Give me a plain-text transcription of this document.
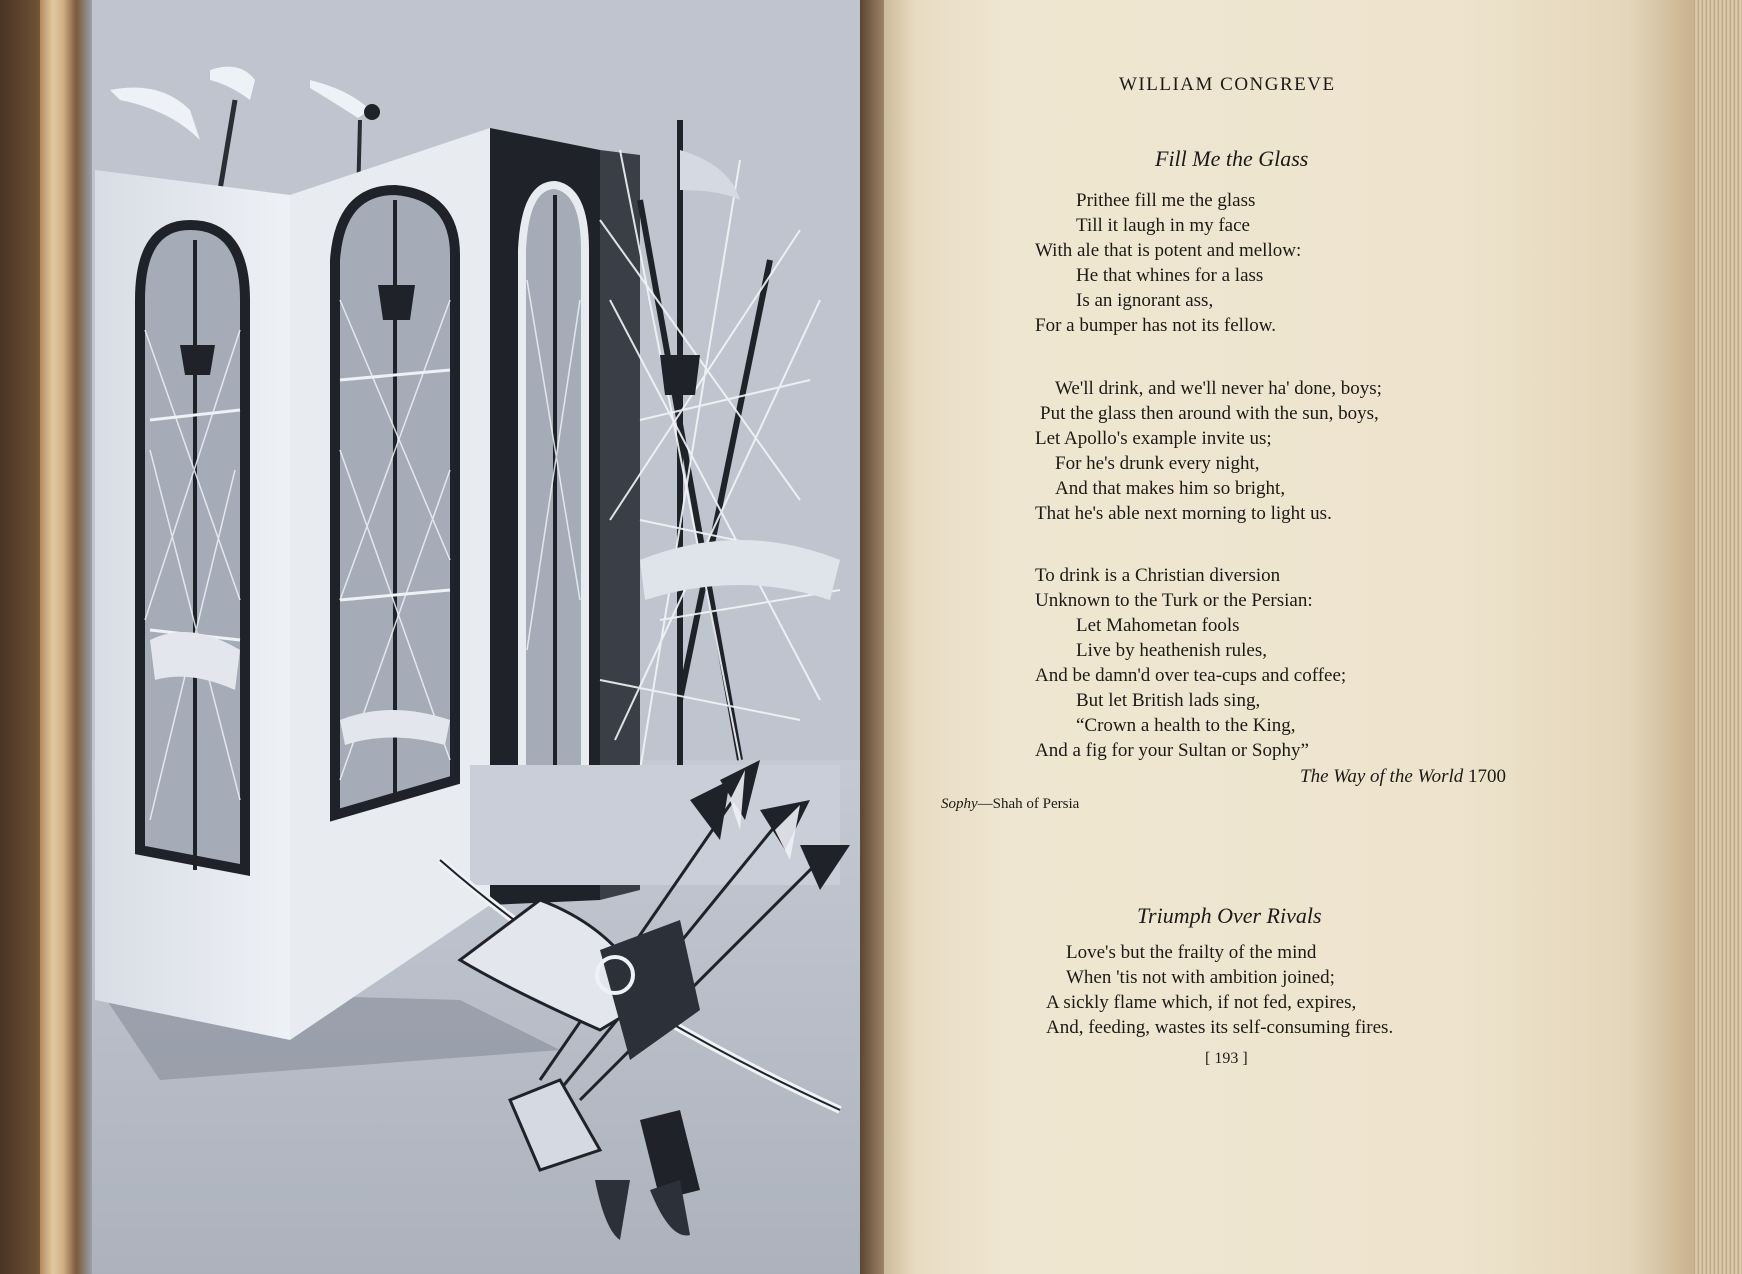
WILLIAM CONGREVE
Fill Me the Glass
Prithee fill me the glass
Till it laugh in my face
With ale that is potent and mellow:
He that whines for a lass
Is an ignorant ass,
For a bumper has not its fellow.
We'll drink, and we'll never ha' done, boys;
Put the glass then around with the sun, boys,
Let Apollo's example invite us;
For he's drunk every night,
And that makes him so bright,
That he's able next morning to light us.
To drink is a Christian diversion
Unknown to the Turk or the Persian:
Let Mahometan fools
Live by heathenish rules,
And be damn'd over tea-cups and coffee;
But let British lads sing,
“Crown a health to the King,
And a fig for your Sultan or Sophy”
The Way of the World 1700
Sophy—Shah of Persia
Triumph Over Rivals
Love's but the frailty of the mind
When 'tis not with ambition joined;
A sickly flame which, if not fed, expires,
And, feeding, wastes its self-consuming fires.
[ 193 ]
